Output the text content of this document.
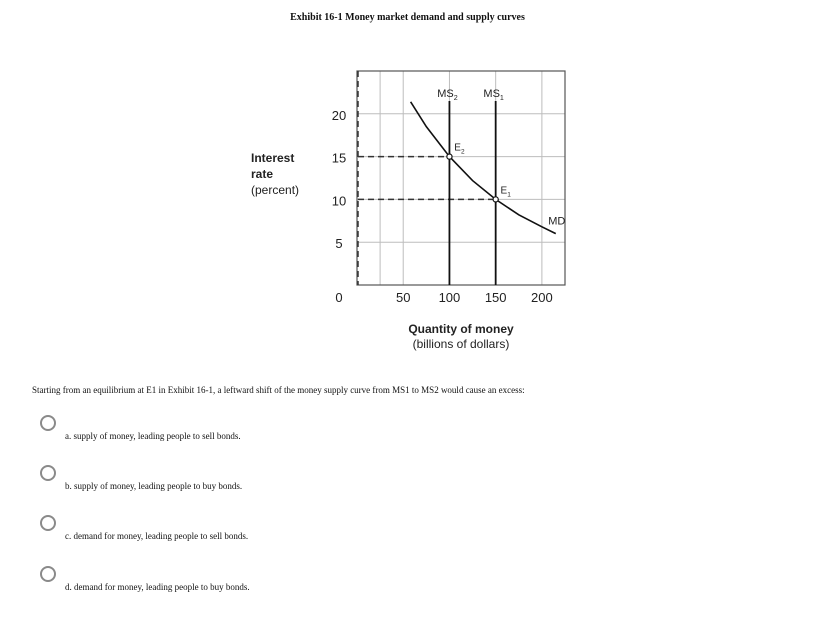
Exhibit 16-1 Money market demand and supply curves
0
5
10
15
20
50 100 150 200
Interest
rate
(percent)
Quantity of money
(billions of dollars)
$MS_2$ $MS_1$
MD
$E_2$
$E_1$
Starting from an equilibrium at E1 in Exhibit 16-1, a leftward shift of the money supply curve from MS1 to MS2 would cause an excess:
a. supply of money, leading people to sell bonds.
b. supply of money, leading people to buy bonds.
c. demand for money, leading people to sell bonds.
d. demand for money, leading people to buy bonds.
